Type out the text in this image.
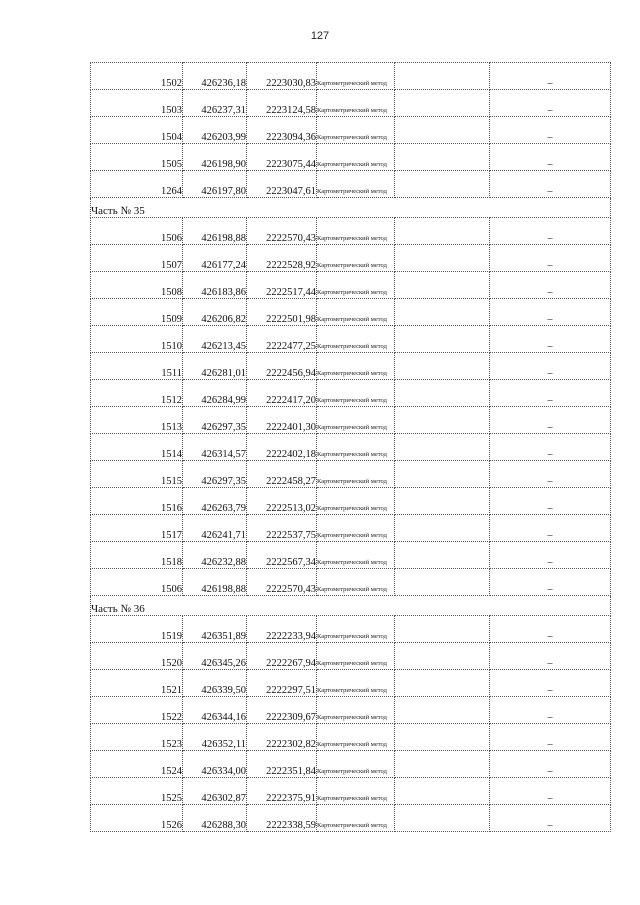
127
1502	426236,18	2223030,83	Картометрический метод		–
1503	426237,31	2223124,58	Картометрический метод		–
1504	426203,99	2223094,36	Картометрический метод		–
1505	426198,90	2223075,44	Картометрический метод		–
1264	426197,80	2223047,61	Картометрический метод		–
Часть № 35					
1506	426198,88	2222570,43	Картометрический метод		–
1507	426177,24	2222528,92	Картометрический метод		–
1508	426183,86	2222517,44	Картометрический метод		–
1509	426206,82	2222501,98	Картометрический метод		–
1510	426213,45	2222477,25	Картометрический метод		–
1511	426281,01	2222456,94	Картометрический метод		–
1512	426284,99	2222417,20	Картометрический метод		–
1513	426297,35	2222401,30	Картометрический метод		–
1514	426314,57	2222402,18	Картометрический метод		–
1515	426297,35	2222458,27	Картометрический метод		–
1516	426263,79	2222513,02	Картометрический метод		–
1517	426241,71	2222537,75	Картометрический метод		–
1518	426232,88	2222567,34	Картометрический метод		–
1506	426198,88	2222570,43	Картометрический метод		–
Часть № 36					
1519	426351,89	2222233,94	Картометрический метод		–
1520	426345,26	2222267,94	Картометрический метод		–
1521	426339,50	2222297,51	Картометрический метод		–
1522	426344,16	2222309,67	Картометрический метод		–
1523	426352,11	2222302,82	Картометрический метод		–
1524	426334,00	2222351,84	Картометрический метод		–
1525	426302,87	2222375,91	Картометрический метод		–
1526	426288,30	2222338,59	Картометрический метод		–
